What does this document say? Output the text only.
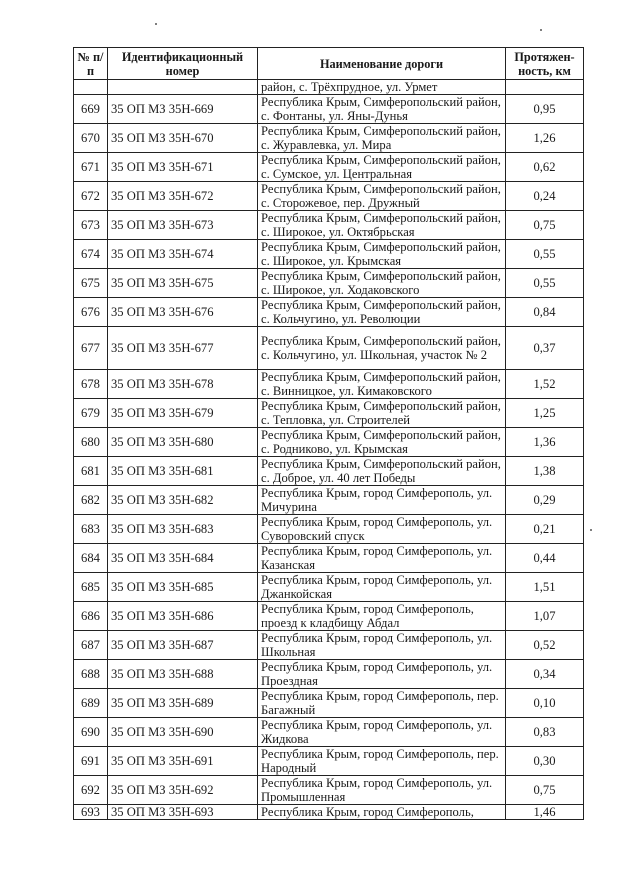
№ п/п	Идентификационный номер	Наименование дороги	Протяжен-ность, км
		район, с. Трёхпрудное, ул. Урмет	
669	35 ОП МЗ 35Н-669	Республика Крым, Симферопольский район, с. Фонтаны, ул. Яны-Дунья	0,95
670	35 ОП МЗ 35Н-670	Республика Крым, Симферопольский район, с. Журавлевка, ул. Мира	1,26
671	35 ОП МЗ 35Н-671	Республика Крым, Симферопольский район, с. Сумское, ул. Центральная	0,62
672	35 ОП МЗ 35Н-672	Республика Крым, Симферопольский район, с. Сторожевое, пер. Дружный	0,24
673	35 ОП МЗ 35Н-673	Республика Крым, Симферопольский район, с. Широкое, ул. Октябрьская	0,75
674	35 ОП МЗ 35Н-674	Республика Крым, Симферопольский район, с. Широкое, ул. Крымская	0,55
675	35 ОП МЗ 35Н-675	Республика Крым, Симферопольский район, с. Широкое, ул. Ходаковского	0,55
676	35 ОП МЗ 35Н-676	Республика Крым, Симферопольский район, с. Кольчугино, ул. Революции	0,84
677	35 ОП МЗ 35Н-677	Республика Крым, Симферопольский район, с. Кольчугино, ул. Школьная, участок № 2	0,37
678	35 ОП МЗ 35Н-678	Республика Крым, Симферопольский район, с. Винницкое, ул. Кимаковского	1,52
679	35 ОП МЗ 35Н-679	Республика Крым, Симферопольский район, с. Тепловка, ул. Строителей	1,25
680	35 ОП МЗ 35Н-680	Республика Крым, Симферопольский район, с. Родниково, ул. Крымская	1,36
681	35 ОП МЗ 35Н-681	Республика Крым, Симферопольский район, с. Доброе, ул. 40 лет Победы	1,38
682	35 ОП МЗ 35Н-682	Республика Крым, город Симферополь, ул. Мичурина	0,29
683	35 ОП МЗ 35Н-683	Республика Крым, город Симферополь, ул. Суворовский спуск	0,21
684	35 ОП МЗ 35Н-684	Республика Крым, город Симферополь, ул. Казанская	0,44
685	35 ОП МЗ 35Н-685	Республика Крым, город Симферополь, ул. Джанкойская	1,51
686	35 ОП МЗ 35Н-686	Республика Крым, город Симферополь, проезд к кладбищу Абдал	1,07
687	35 ОП МЗ 35Н-687	Республика Крым, город Симферополь, ул. Школьная	0,52
688	35 ОП МЗ 35Н-688	Республика Крым, город Симферополь, ул. Проездная	0,34
689	35 ОП МЗ 35Н-689	Республика Крым, город Симферополь, пер. Багажный	0,10
690	35 ОП МЗ 35Н-690	Республика Крым, город Симферополь, ул. Жидкова	0,83
691	35 ОП МЗ 35Н-691	Республика Крым, город Симферополь, пер. Народный	0,30
692	35 ОП МЗ 35Н-692	Республика Крым, город Симферополь, ул. Промышленная	0,75
693	35 ОП МЗ 35Н-693	Республика Крым, город Симферополь,	1,46
